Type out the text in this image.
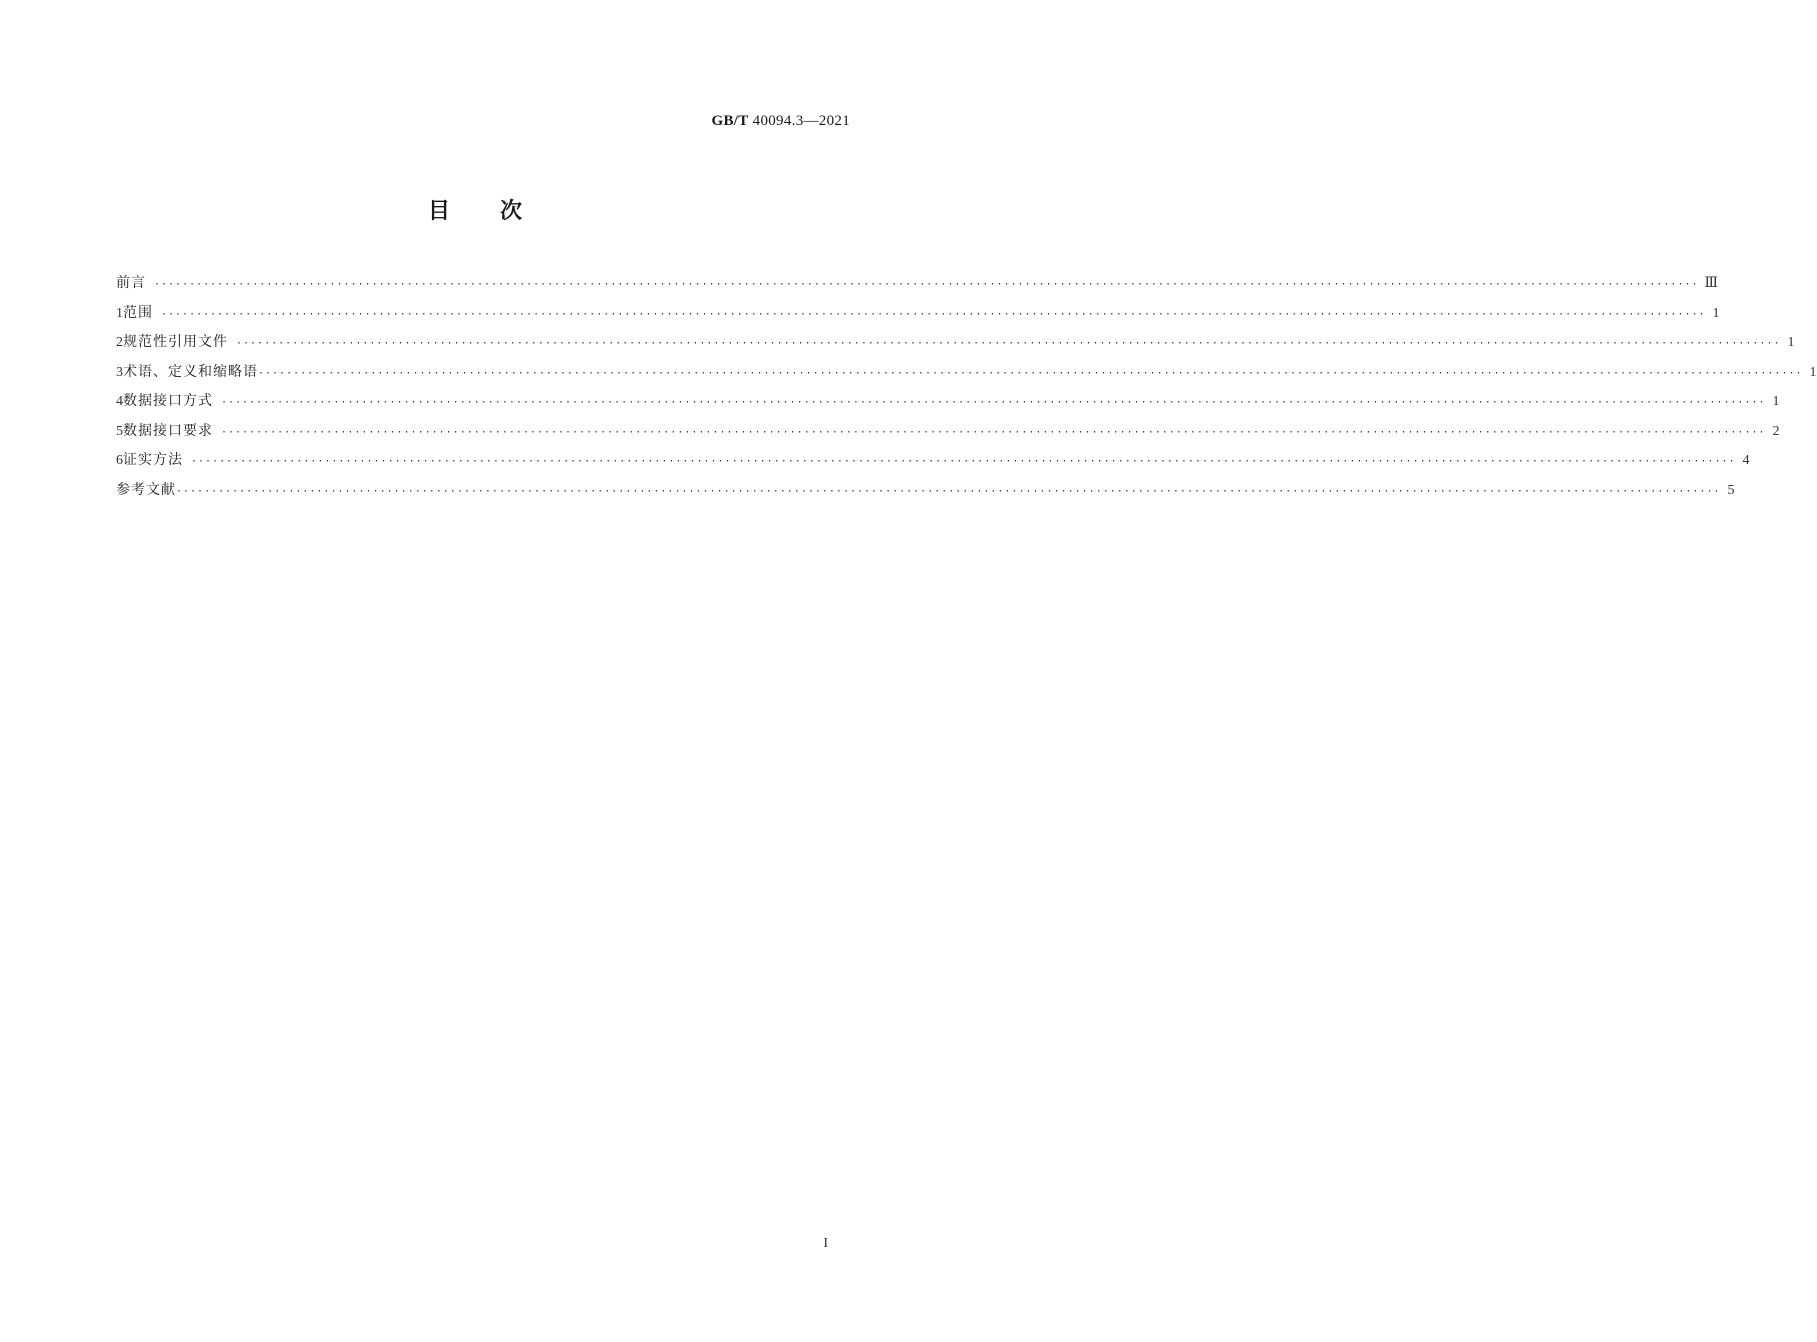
GB/T 40094.3—2021
目次
前言 ···························································································································································································································· Ⅲ
1 范围 ···························································································································································································································· 1
2 规范性引用文件 ···························································································································································································································· 1
3 术语、定义和缩略语 ···························································································································································································································· 1
4 数据接口方式 ···························································································································································································································· 1
5 数据接口要求 ···························································································································································································································· 2
6 证实方法 ···························································································································································································································· 4
参考文献 ···························································································································································································································· 5
I
